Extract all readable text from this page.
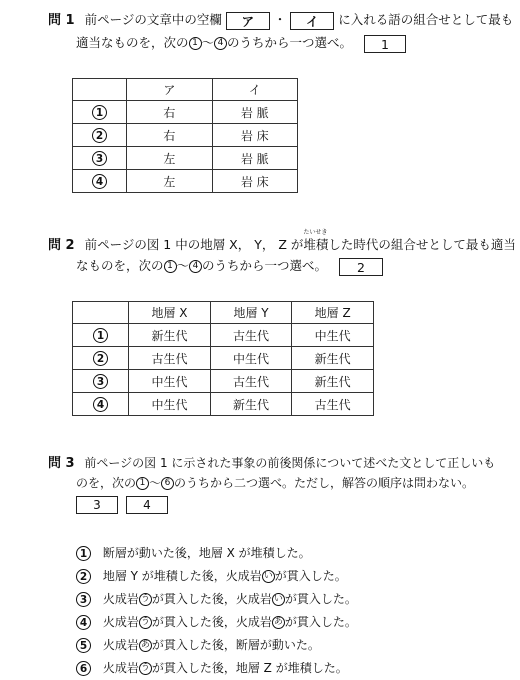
問 1 前ページの文章中の空欄 ア ・ イ に入れる語の組合せとして最も
適当なものを，次の 1 〜 4 のうちから一つ選べ。 1
	ア	イ
1	右	岩 脈
2	右	岩 床
3	左	岩 脈
4	左	岩 床
問 2 前ページの図 1 中の地層 X， Y， Z が
たいせき
堆積した時代の組合せとして最も適当
なものを，次の 1 〜 4 のうちから一つ選べ。 2
	地層 X	地層 Y	地層 Z
1	新生代	古生代	中生代
2	古生代	中生代	新生代
3	中生代	古生代	新生代
4	中生代	新生代	古生代
問 3 前ページの図 1 に示された事象の前後関係について述べた文として正しいも
のを，次の 1 〜 6 のうちから二つ選べ。ただし，解答の順序は問わない。
3	4
1 断層が動いた後，地層 X が堆積した。
2 地層 Y が堆積した後，火成岩 い が貫入した。
3 火成岩 う が貫入した後，火成岩 い が貫入した。
4 火成岩 う が貫入した後，火成岩 あ が貫入した。
5 火成岩 あ が貫入した後，断層が動いた。
6 火成岩 う が貫入した後，地層 Z が堆積した。
